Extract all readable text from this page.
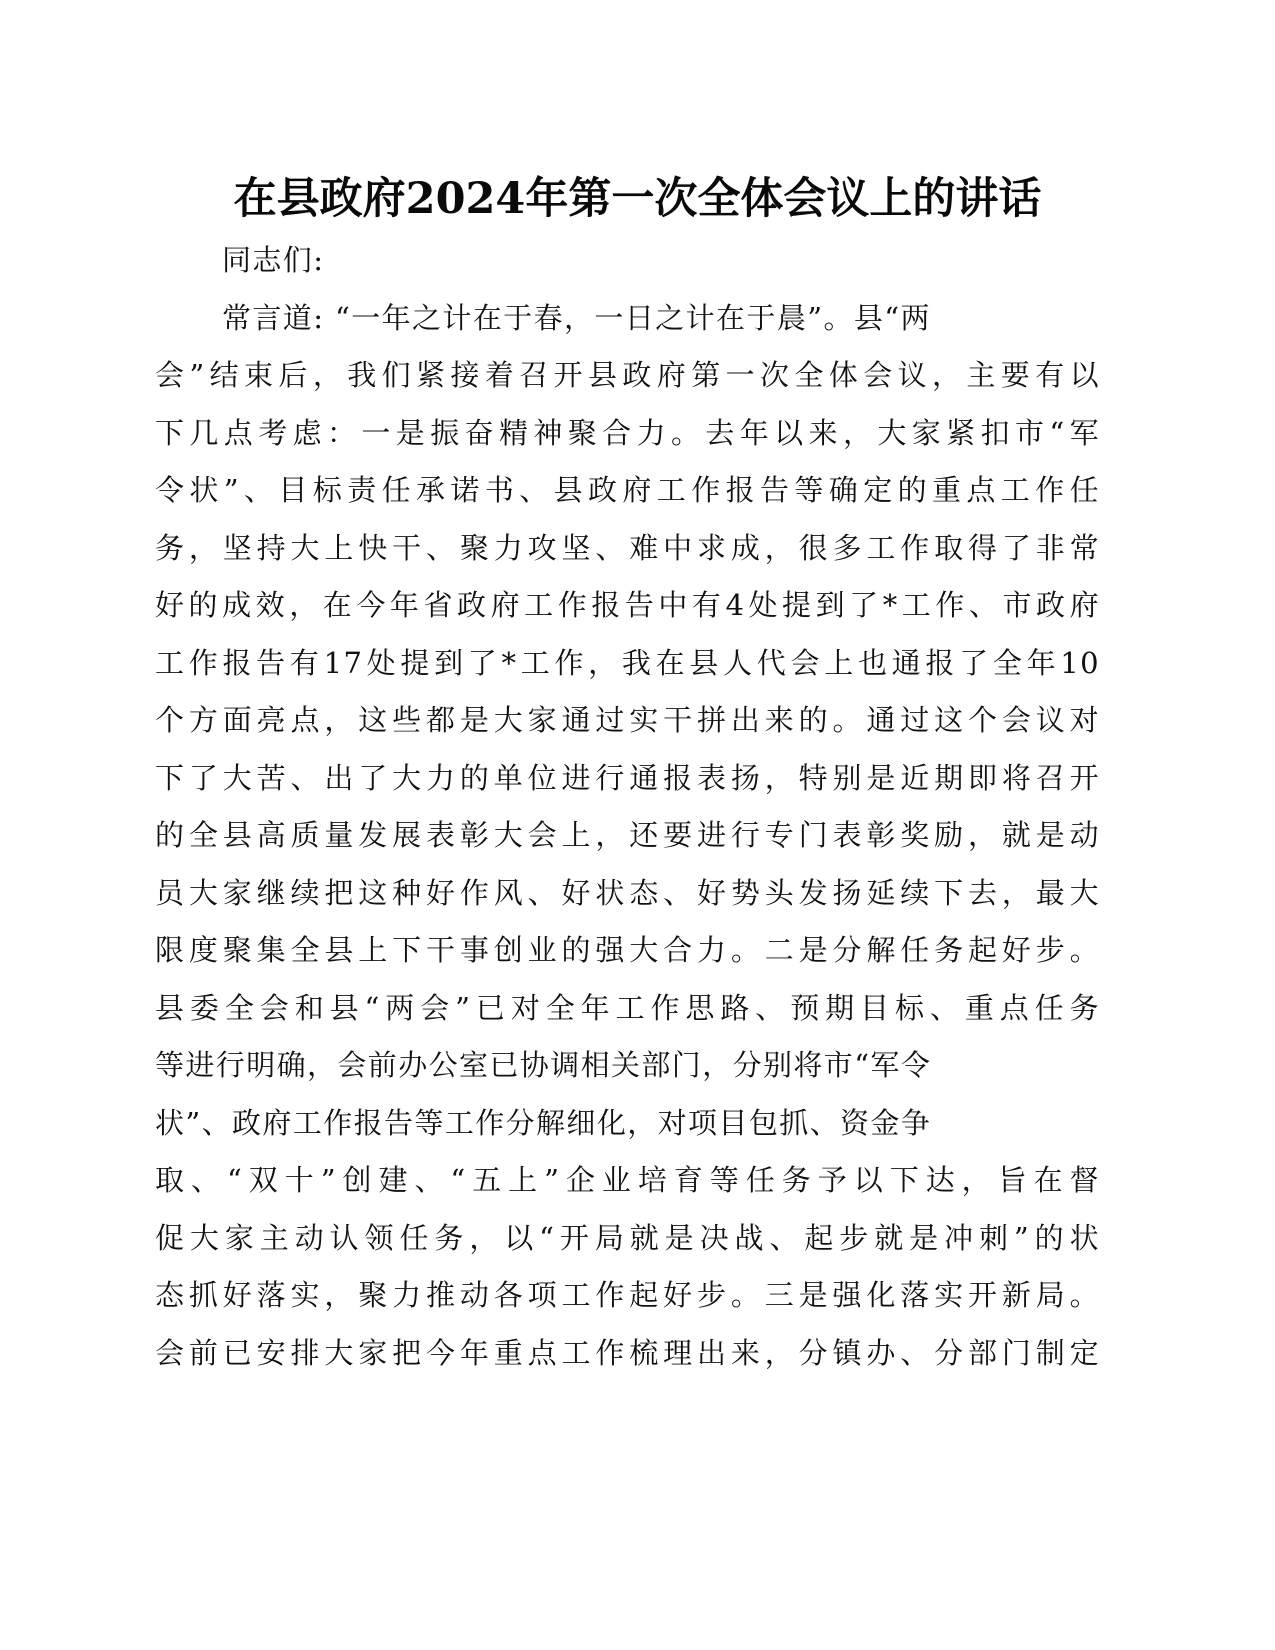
在县政府2024年第一次全体会议上的讲话
同志们:
常言道: “一年之计在于春，一日之计在于晨”。县“两
会”结束后，我们紧接着召开县政府第一次全体会议，主要有以
下几点考虑：一是振奋精神聚合力。去年以来，大家紧扣市“军
令状”、目标责任承诺书、县政府工作报告等确定的重点工作任
务，坚持大上快干、聚力攻坚、难中求成，很多工作取得了非常
好的成效，在今年省政府工作报告中有4处提到了*工作、市政府
工作报告有17处提到了*工作，我在县人代会上也通报了全年10
个方面亮点，这些都是大家通过实干拼出来的。通过这个会议对
下了大苦、出了大力的单位进行通报表扬，特别是近期即将召开
的全县高质量发展表彰大会上，还要进行专门表彰奖励，就是动
员大家继续把这种好作风、好状态、好势头发扬延续下去，最大
限度聚集全县上下干事创业的强大合力。二是分解任务起好步。
县委全会和县“两会”已对全年工作思路、预期目标、重点任务
等进行明确，会前办公室已协调相关部门，分别将市“军令
状”、政府工作报告等工作分解细化，对项目包抓、资金争
取、“双十”创建、“五上”企业培育等任务予以下达，旨在督
促大家主动认领任务，以“开局就是决战、起步就是冲刺”的状
态抓好落实，聚力推动各项工作起好步。三是强化落实开新局。
会前已安排大家把今年重点工作梳理出来，分镇办、分部门制定
